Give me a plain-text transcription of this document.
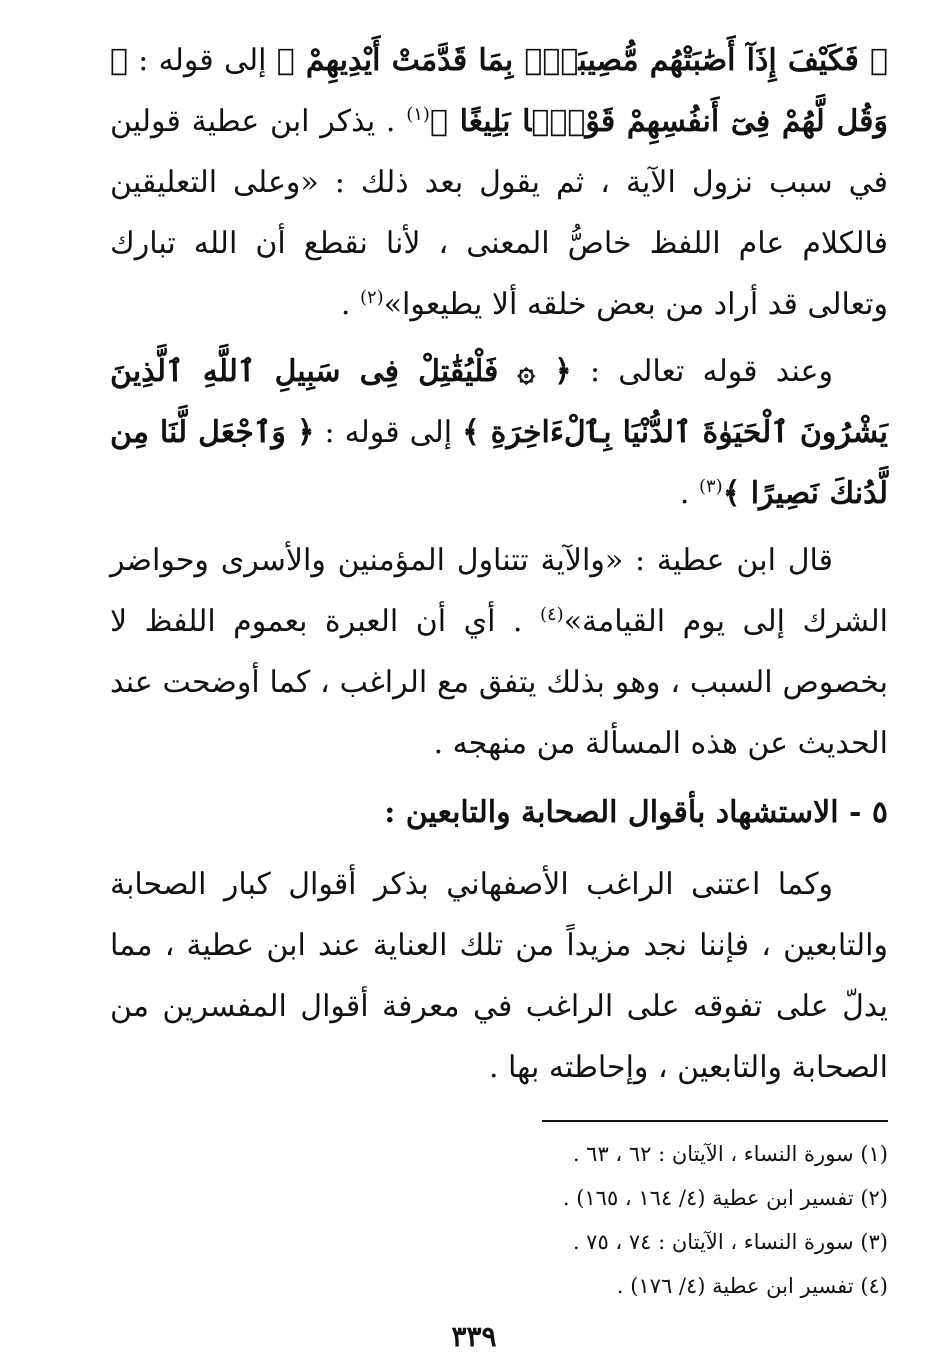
﴿ فَكَيْفَ إِذَآ أَصَٰبَتْهُم مُّصِيبَةُۢ بِمَا قَدَّمَتْ أَيْدِيهِمْ ﴾ إلى قوله : ﴿ وَقُل لَّهُمْ فِىٓ أَنفُسِهِمْ قَوْلًۢا بَلِيغًا ﴾$^{(١)}$ . يذكر ابن عطية قولين في سبب نزول الآية ، ثم يقول بعد ذلك : «وعلى التعليقين فالكلام عام اللفظ خاصُّ المعنى ، لأنا نقطع أن الله تبارك وتعالى قد أراد من بعض خلقه ألا يطيعوا»$^{(٢)}$ .

وعند قوله تعالى : ﴿ ۞ فَلْيُقَٰتِلْ فِى سَبِيلِ ٱللَّهِ ٱلَّذِينَ يَشْرُونَ ٱلْحَيَوٰةَ ٱلدُّنْيَا بِٱلْءَاخِرَةِ ﴾ إلى قوله : ﴿ وَٱجْعَل لَّنَا مِن لَّدُنكَ نَصِيرًا ﴾$^{(٣)}$ .

قال ابن عطية : «والآية تتناول المؤمنين والأسرى وحواضر الشرك إلى يوم القيامة»$^{(٤)}$ . أي أن العبرة بعموم اللفظ لا بخصوص السبب ، وهو بذلك يتفق مع الراغب ، كما أوضحت عند الحديث عن هذه المسألة من منهجه .

٥ - الاستشهاد بأقوال الصحابة والتابعين :

وكما اعتنى الراغب الأصفهاني بذكر أقوال كبار الصحابة والتابعين ، فإننا نجد مزيداً من تلك العناية عند ابن عطية ، مما يدلّ على تفوقه على الراغب في معرفة أقوال المفسرين من الصحابة والتابعين ، وإحاطته بها .

(١) سورة النساء ، الآيتان : ٦٢ ، ٦٣ .
(٢) تفسير ابن عطية (٤/ ١٦٤ ، ١٦٥) .
(٣) سورة النساء ، الآيتان : ٧٤ ، ٧٥ .
(٤) تفسير ابن عطية (٤/ ١٧٦) .
٣٣٩
